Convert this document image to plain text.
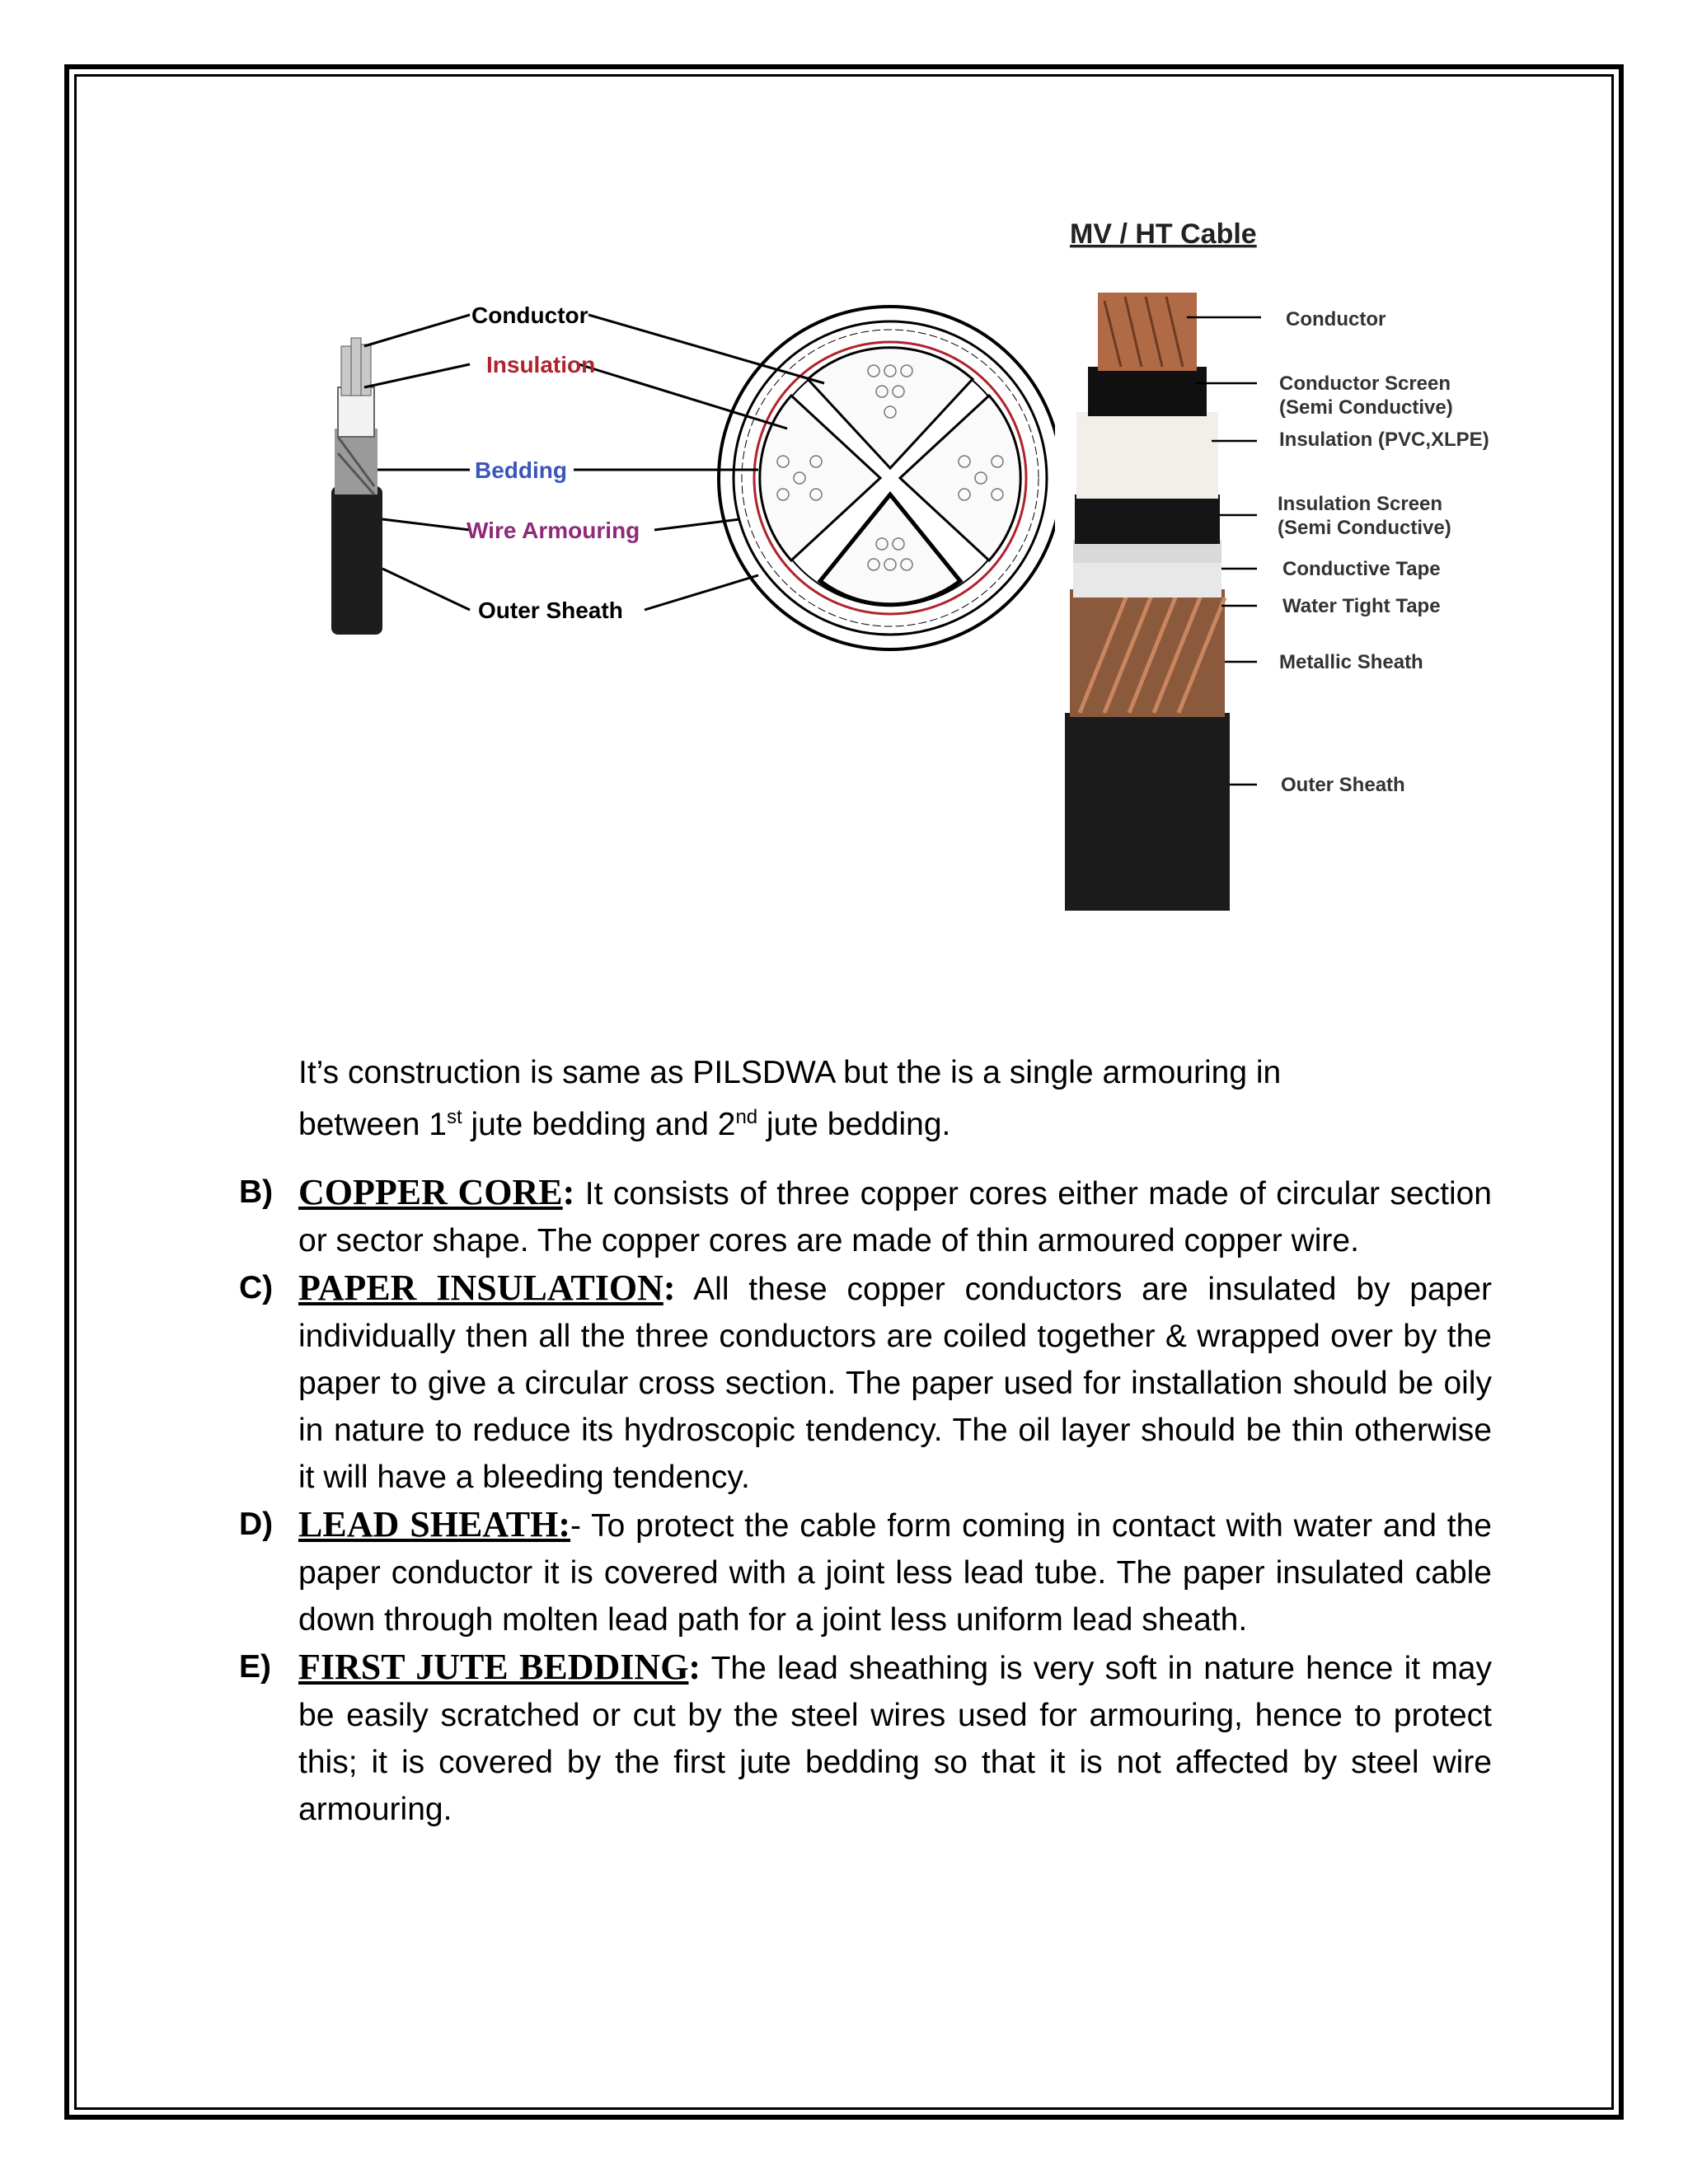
Conductor
Insulation
Bedding
Wire Armouring
Outer Sheath
MV / HT Cable
Conductor
Conductor Screen
(Semi Conductive)
Insulation (PVC,XLPE)
Insulation Screen
(Semi Conductive)
Conductive Tape
Water Tight Tape
Metallic Sheath
Outer Sheath
It’s construction is same as PILSDWA but the is a single armouring in
between 1st jute bedding and 2nd jute bedding.

B) COPPER CORE: It consists of three copper cores either made of circular section or sector shape. The copper cores are made of thin armoured copper wire.

C) PAPER INSULATION: All these copper conductors are insulated by paper individually then all the three conductors are coiled together & wrapped over by the paper to give a circular cross section. The paper used for installation should be oily in nature to reduce its hydroscopic tendency. The oil layer should be thin otherwise it will have a bleeding tendency.

D) LEAD SHEATH:- To protect the cable form coming in contact with water and the paper conductor it is covered with a joint less lead tube. The paper insulated cable down through molten lead path for a joint less uniform lead sheath.

E) FIRST JUTE BEDDING: The lead sheathing is very soft in nature hence it may be easily scratched or cut by the steel wires used for armouring, hence to protect this; it is covered by the first jute bedding so that it is not affected by steel wire armouring.
